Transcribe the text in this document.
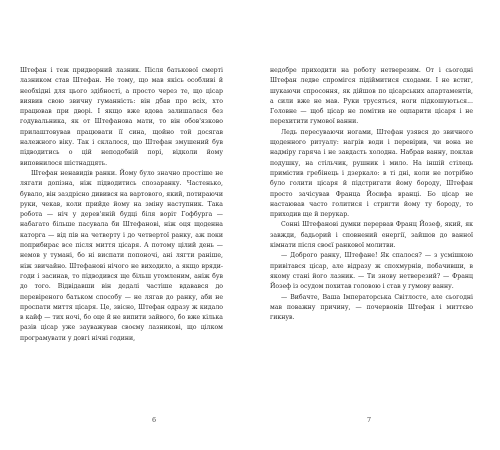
Штефан і теж придворний лазник. Після батькової смерті лазником став Штефан. Не тому, що мав якісь особливі й необхідні для цього здібності, а просто через те, що цісар виявив свою звичну гуманність: він дбав про всіх, хто працював при дворі. І якщо вже вдова залишалася без годувальника, як от Штефанова мати, то він обов'язково прилаштовував працювати її сина, щойно той досягав належного віку. Так і склалося, що Штефан змушений був підводитись о цій неподобній порі, відколи йому виповнилося шістнадцять.

Штефан ненавидів ранки. Йому було значно простіше не лягати допізна, ніж підводитись спозаранку. Частенько, бувало, він заздрісно дивився на вартового, який, потираючи руки, чекав, коли прийде йому на зміну наступник. Така робота — ніч у дерев'яній будці біля воріт Гофбурга — набагато більше пасувала би Штефанові, ніж оця щоденна каторга — від пів на четверту і до четвертої ранку, аж поки поприбирає все після миття цісаря. А потому цілий день — немов у тумані, бо ні виспати попоночі, ані лягти раніше, ніж звичайно. Штефанові нічого не виходило, а якщо вряди-годи і засинав, то підводився ще більш утомленим, аніж був до того. Відвідавши він дедалі частіше вдавався до перевіреного батьком способу — не лягав до ранку, аби не проспати миття цісаря. Це, звісно, Штефан одразу ж кидало в кайф — тих ночі, бо оце й не випити зайвого, бо вже кілька разів цісар уже зауважував своєму лазникові, що цілком програмувати у довгі нічні години,

6

недобре приходити на роботу нетверезим. От і сьогодні Штефан ледве спромігся підіймитися сходами. І не встиг, шукаючи спросоння, як дійшов по цісарських апартаментів, а сили вже не мав. Руки трусяться, ноги підкошуються... Головне — щоб цісар не помітив не оцпарити цісаря і не перехитити гумової ванни.

Ледь пересуваючи ногами, Штефан узявся до звичного щоденного ритуалу: нагрів води і перевірив, чи вона не надміру гаряча і не завдасть холодна. Набрав ванну, поклав подушку, на стільчик, рушник і мило. На іншій стілець примістив гребінець і дзеркало: в ті дні, коли не потрібно було голити цісаря й підстригати йому бороду, Штефан просто зачісував Франца Йосифа вранці. Бо цісар не настаював часто голитися і стригти йому ту бороду, то приходив ще й перукар.

Сонні Штефанові думки перервав Франц Йозеф, який, як завжди, бадьорий і сповнений енергії, зайшов до ванної кімнати після своєї ранкової молитви.

— Доброго ранку, Штефане! Як спалося? — з усмішкою привітався цісар, але відразу ж спохмурнів, побачивши, в якому стані його лазник. — Ти знову нетверезий? — Франц Йозеф із осудом похитав головою і став у гумову ванну.

— Вибачте, Ваша Імператорська Світлосте, але сьогодні мав поважну причину, — почервонів Штефан і миттєво гикнув.

7
